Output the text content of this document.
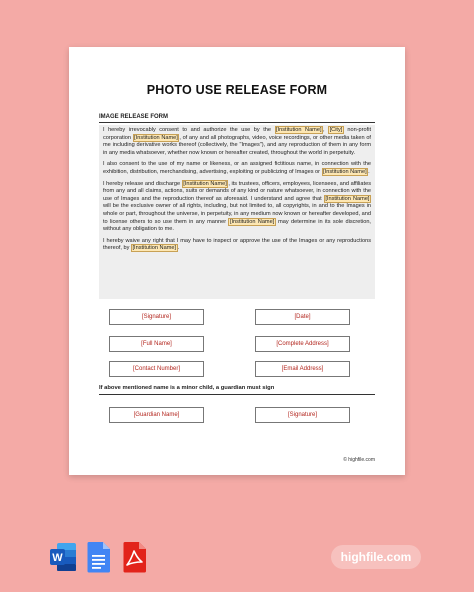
PHOTO USE RELEASE FORM
IMAGE RELEASE FORM

I hereby irrevocably consent to and authorize the use by the [Institution Name] , [City] non-profit corporation [Institution Name] , of any and all photographs, video, voice recordings, or other media taken of me including derivative works thereof (collectively, the "Images"), and any reproduction of them in any form in any media whatsoever, whether now known or hereafter created, throughout the world in perpetuity.

I also consent to the use of my name or likeness, or an assigned fictitious name, in connection with the exhibition, distribution, merchandising, advertising, exploiting or publicizing of Images or [Institution Name] .

I hereby release and discharge [Institution Name] , its trustees, officers, employees, licensees, and affiliates from any and all claims, actions, suits or demands of any kind or nature whatsoever, in connection with the use of Images and the reproduction thereof as aforesaid. I understand and agree that [Institution Name] will be the exclusive owner of all rights, including, but not limited to, all copyrights, in and to the Images in whole or part, throughout the universe, in perpetuity, in any medium now known or hereafter developed, and to license others to so use them in any manner [Institution Name] may determine in its sole discretion, without any obligation to me.

I hereby waive any right that I may have to inspect or approve the use of the Images or any reproductions thereof, by [Institution Name] .

[Signature]	[Date]
[Full Name]	[Complete Address]
[Contact Number]	[Email Address]
If above mentioned name is a minor child, a guardian must sign
[Guardian Name]	[Signature]
© highfile.com
W	highfile.com
